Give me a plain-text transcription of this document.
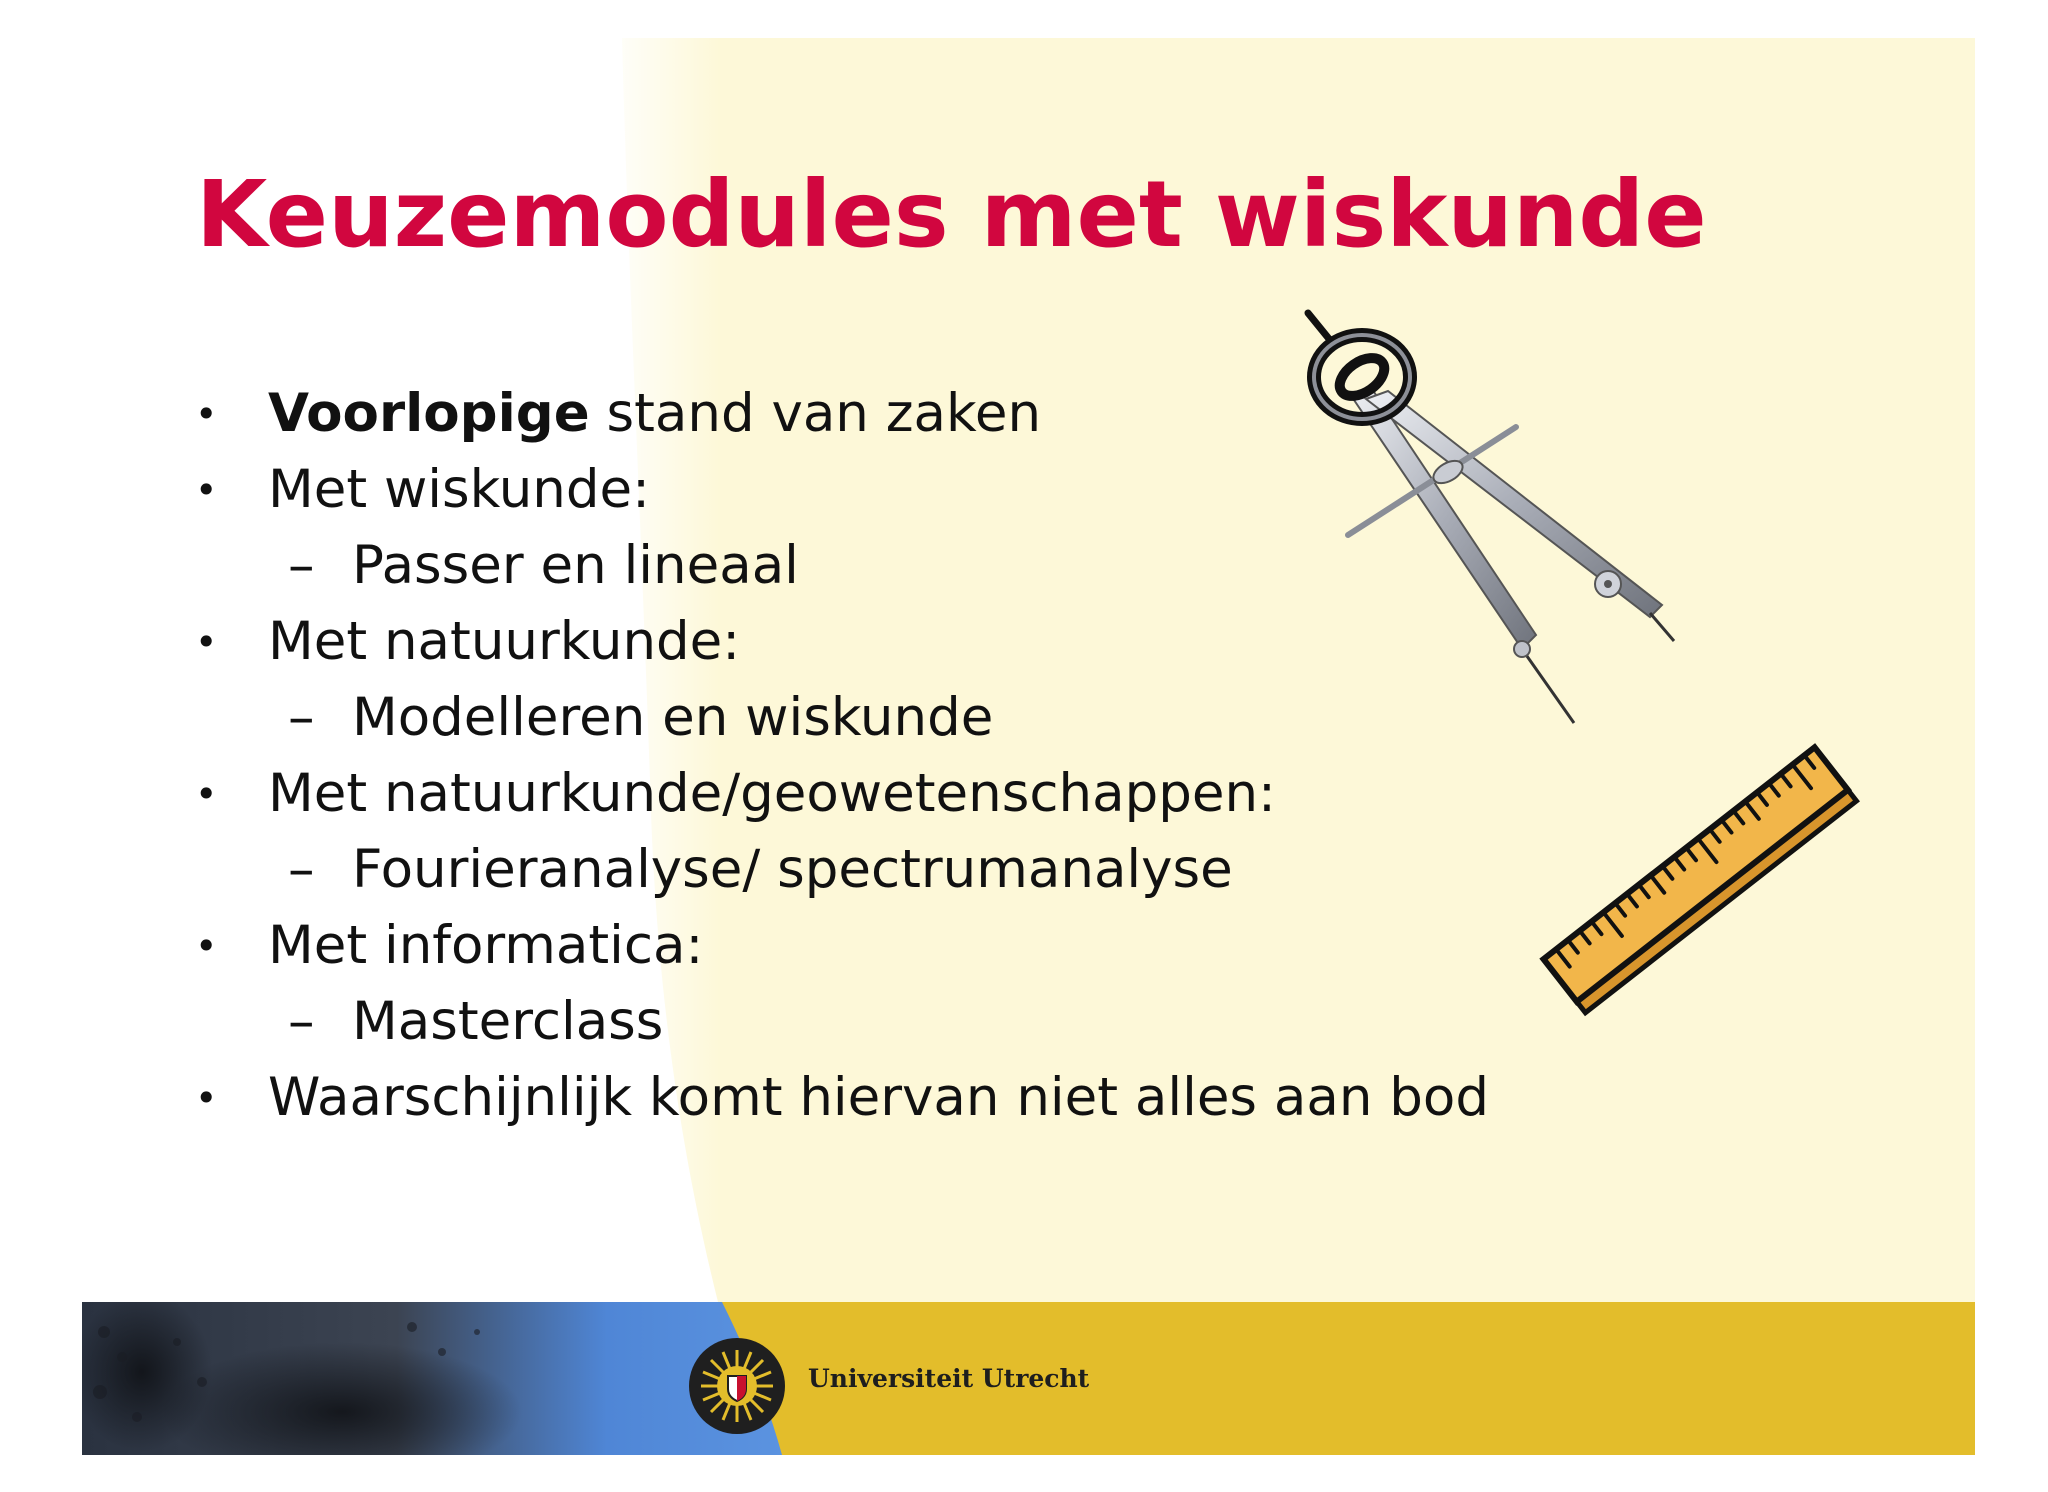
Keuzemodules met wiskunde
• Voorlopige stand van zaken
• Met wiskunde:
– Passer en lineaal
• Met natuurkunde:
– Modelleren en wiskunde
• Met natuurkunde/geowetenschappen:
– Fourieranalyse/ spectrumanalyse
• Met informatica:
– Masterclass
• Waarschijnlijk komt hiervan niet alles aan bod
Universiteit Utrecht
